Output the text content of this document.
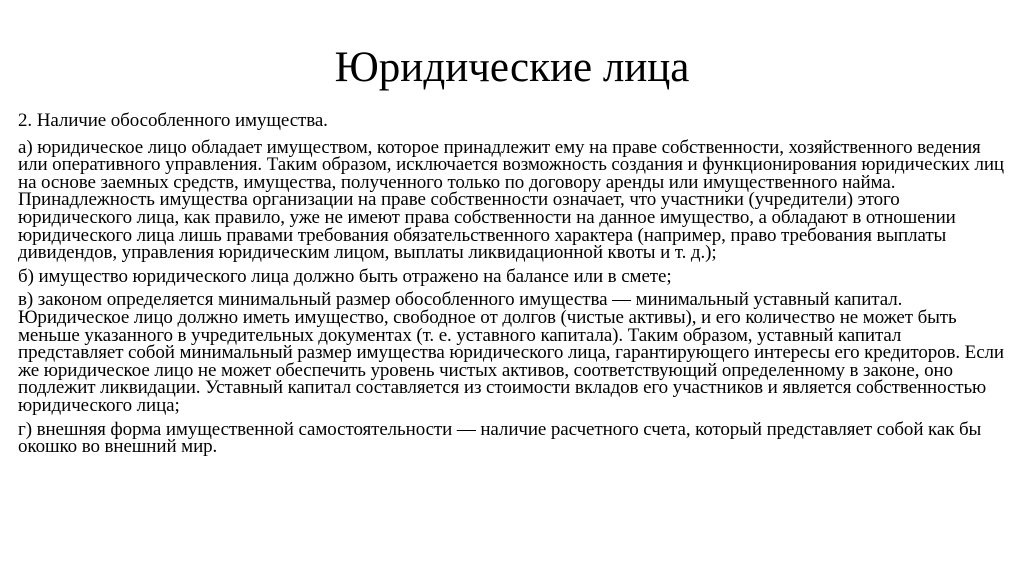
Юридические лица

2. Наличие обособленного имущества.

а) юридическое лицо обладает имуществом, которое принадлежит ему на праве собственности, хозяйственного ведения или оперативного управления. Таким образом, исключается возможность создания и функционирования юридических лиц на основе заемных средств, имущества, полученного только по договору аренды или имущественного найма. Принадлежность имущества организации на праве собственности означает, что участники (учредители) этого юридического лица, как правило, уже не имеют права собственности на данное имущество, а обладают в отношении юридического лица лишь правами требования обязательственного характера (например, право требования выплаты дивидендов, управления юридическим лицом, выплаты ликвидационной квоты и т. д.);

б) имущество юридического лица должно быть отражено на балансе или в смете;

в) законом определяется минимальный размер обособленного имущества — минимальный уставный капитал. Юридическое лицо должно иметь имущество, свободное от долгов (чистые активы), и его количество не может быть меньше указанного в учредительных документах (т. е. уставного капитала). Таким образом, уставный капитал представляет собой минимальный размер имущества юридического лица, гарантирующего интересы его кредиторов. Если же юридическое лицо не может обеспечить уровень чистых активов, соответствующий определенному в законе, оно подлежит ликвидации. Уставный капитал составляется из стоимости вкладов его участников и является собственностью юридического лица;

г) внешняя форма имущественной самостоятельности — наличие расчетного счета, который представляет собой как бы окошко во внешний мир.
